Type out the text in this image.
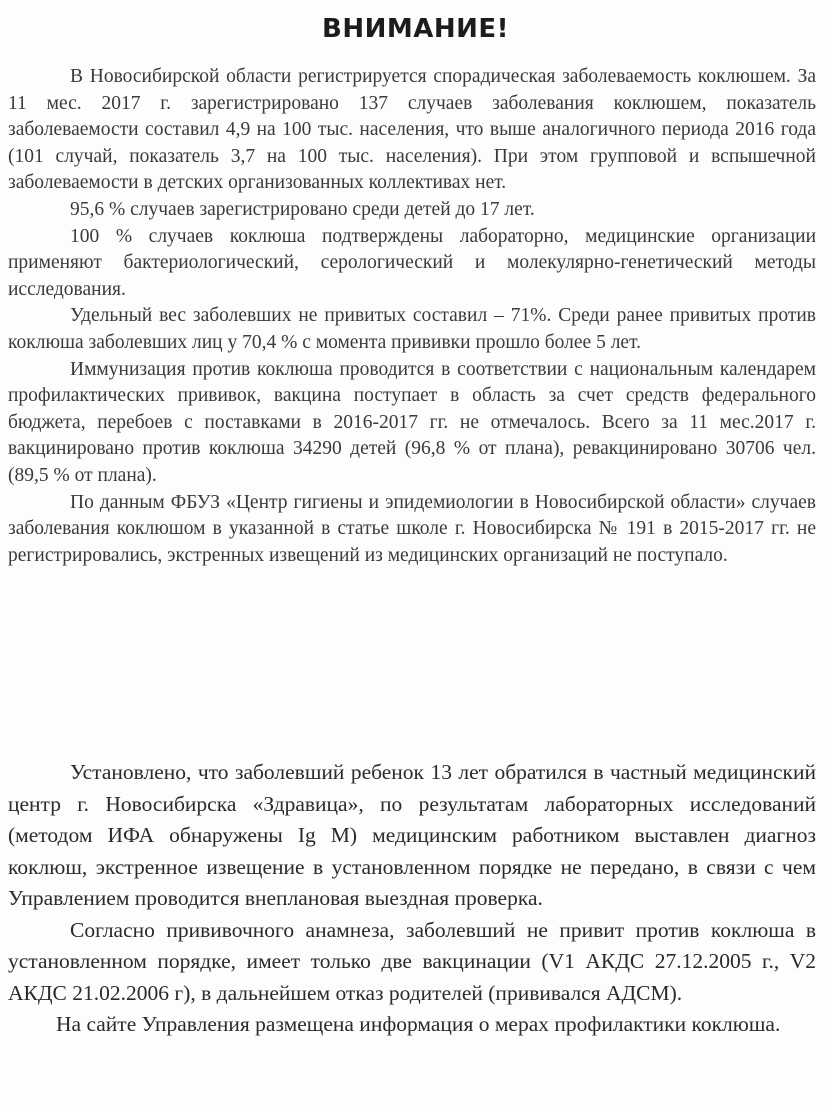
ВНИМАНИЕ!

В Новосибирской области регистрируется спорадическая заболеваемость коклюшем. За 11 мес. 2017 г. зарегистрировано 137 случаев заболевания коклюшем, показатель заболеваемости составил 4,9 на 100 тыс. населения, что выше аналогичного периода 2016 года (101 случай, показатель 3,7 на 100 тыс. населения). При этом групповой и вспышечной заболеваемости в детских организованных коллективах нет.

95,6 % случаев зарегистрировано среди детей до 17 лет.

100 % случаев коклюша подтверждены лабораторно, медицинские организации применяют бактериологический, серологический и молекулярно-генетический методы исследования.

Удельный вес заболевших не привитых составил – 71%. Среди ранее привитых против коклюша заболевших лиц у 70,4 % с момента прививки прошло более 5 лет.

Иммунизация против коклюша проводится в соответствии с национальным календарем профилактических прививок, вакцина поступает в область за счет средств федерального бюджета, перебоев с поставками в 2016-2017 гг. не отмечалось. Всего за 11 мес.2017 г. вакцинировано против коклюша 34290 детей (96,8 % от плана), ревакцинировано 30706 чел. (89,5 % от плана).

По данным ФБУЗ «Центр гигиены и эпидемиологии в Новосибирской области» случаев заболевания коклюшом в указанной в статье школе г. Новосибирска № 191 в 2015-2017 гг. не регистрировались, экстренных извещений из медицинских организаций не поступало.

Установлено, что заболевший ребенок 13 лет обратился в частный медицинский центр г. Новосибирска «Здравица», по результатам лабораторных исследований (методом ИФА обнаружены Ig M) медицинским работником выставлен диагноз коклюш, экстренное извещение в установленном порядке не передано, в связи с чем Управлением проводится внеплановая выездная проверка.

Согласно прививочного анамнеза, заболевший не привит против коклюша в установленном порядке, имеет только две вакцинации (V1 АКДС 27.12.2005 г., V2 АКДС 21.02.2006 г), в дальнейшем отказ родителей (прививался АДСМ).

На сайте Управления размещена информация о мерах профилактики коклюша.
